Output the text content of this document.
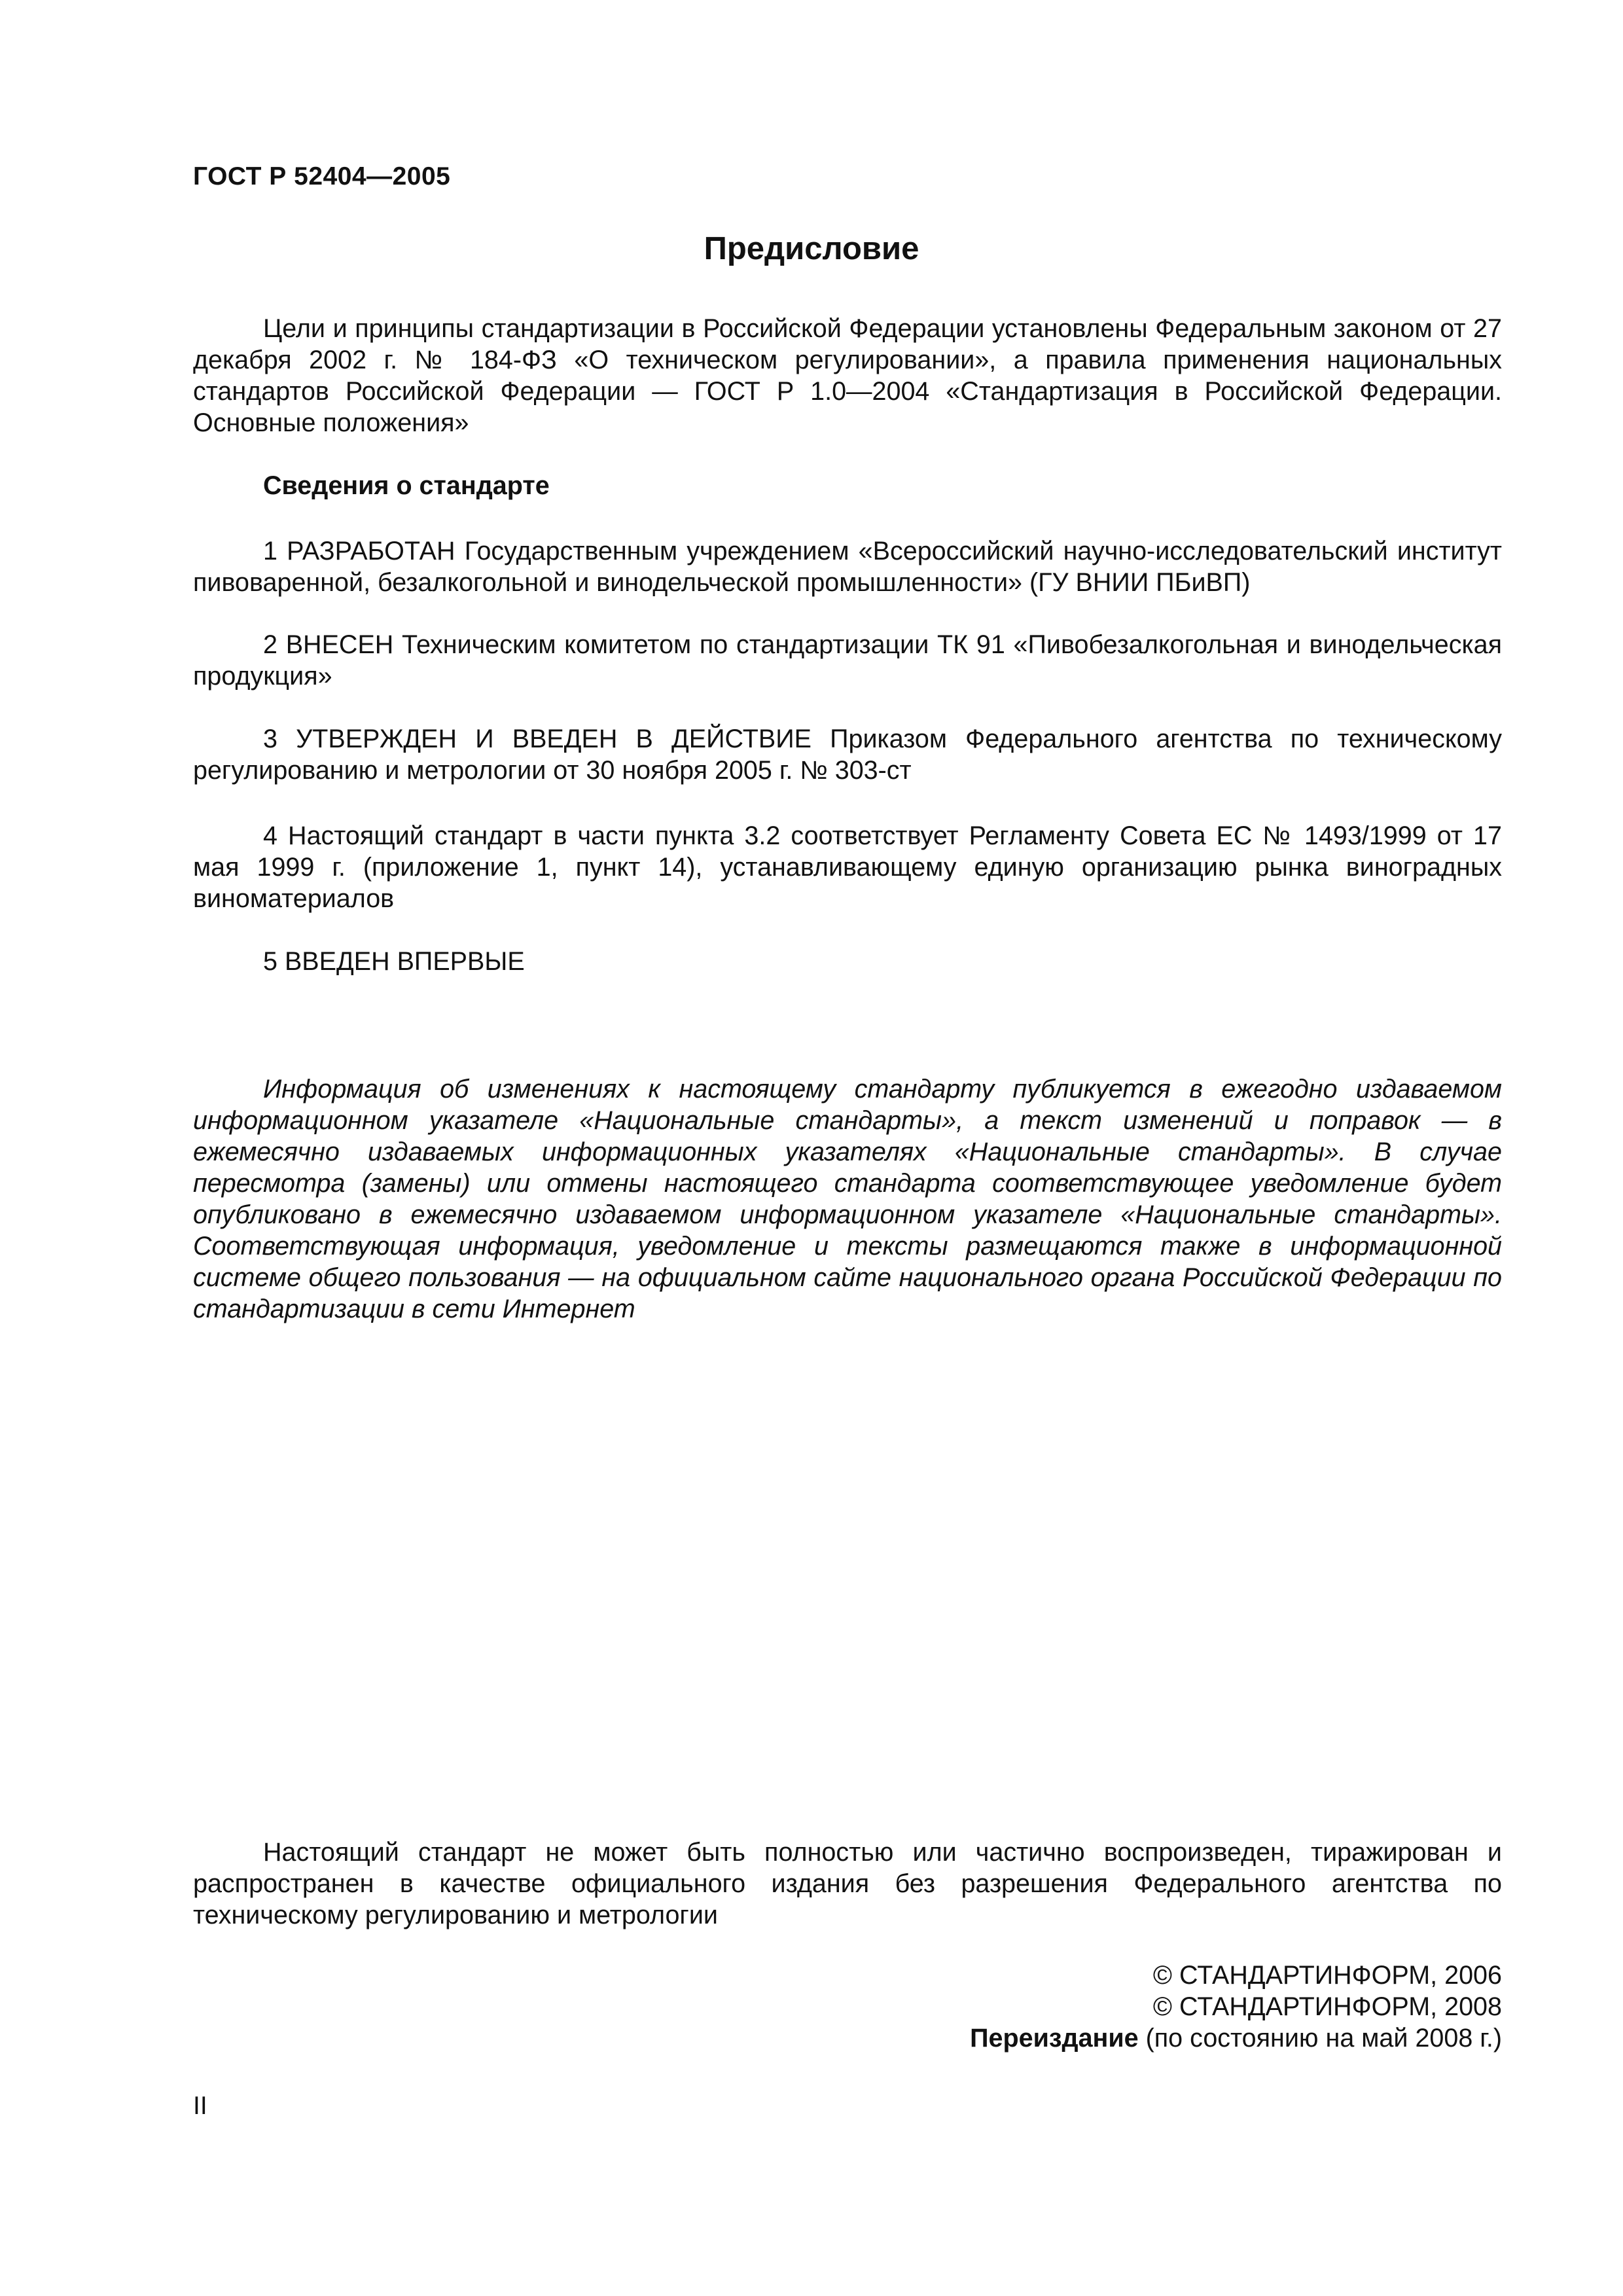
ГОСТ Р 52404—2005
Предисловие
Цели и принципы стандартизации в Российской Федерации установлены Федеральным законом от 27 декабря 2002 г. № 184-ФЗ «О техническом регулировании», а правила применения национальных стандартов Российской Федерации — ГОСТ Р 1.0—2004 «Стандартизация в Российской Федерации. Основные положения»
Сведения о стандарте
1 РАЗРАБОТАН Государственным учреждением «Всероссийский научно-исследовательский институт пивоваренной, безалкогольной и винодельческой промышленности» (ГУ ВНИИ ПБиВП)
2 ВНЕСЕН Техническим комитетом по стандартизации ТК 91 «Пивобезалкогольная и винодельческая продукция»
3 УТВЕРЖДЕН И ВВЕДЕН В ДЕЙСТВИЕ Приказом Федерального агентства по техническому регулированию и метрологии от 30 ноября 2005 г. № 303-ст
4 Настоящий стандарт в части пункта 3.2 соответствует Регламенту Совета ЕС № 1493/1999 от 17 мая 1999 г. (приложение 1, пункт 14), устанавливающему единую организацию рынка виноградных виноматериалов
5 ВВЕДЕН ВПЕРВЫЕ
Информация об изменениях к настоящему стандарту публикуется в ежегодно издаваемом информационном указателе «Национальные стандарты», а текст изменений и поправок — в ежемесячно издаваемых информационных указателях «Национальные стандарты». В случае пересмотра (замены) или отмены настоящего стандарта соответствующее уведомление будет опубликовано в ежемесячно издаваемом информационном указателе «Национальные стандарты». Соответствующая информация, уведомление и тексты размещаются также в информационной системе общего пользования — на официальном сайте национального органа Российской Федерации по стандартизации в сети Интернет
Настоящий стандарт не может быть полностью или частично воспроизведен, тиражирован и распространен в качестве официального издания без разрешения Федерального агентства по техническому регулированию и метрологии
© СТАНДАРТИНФОРМ, 2006
© СТАНДАРТИНФОРМ, 2008
Переиздание (по состоянию на май 2008 г.)
II
